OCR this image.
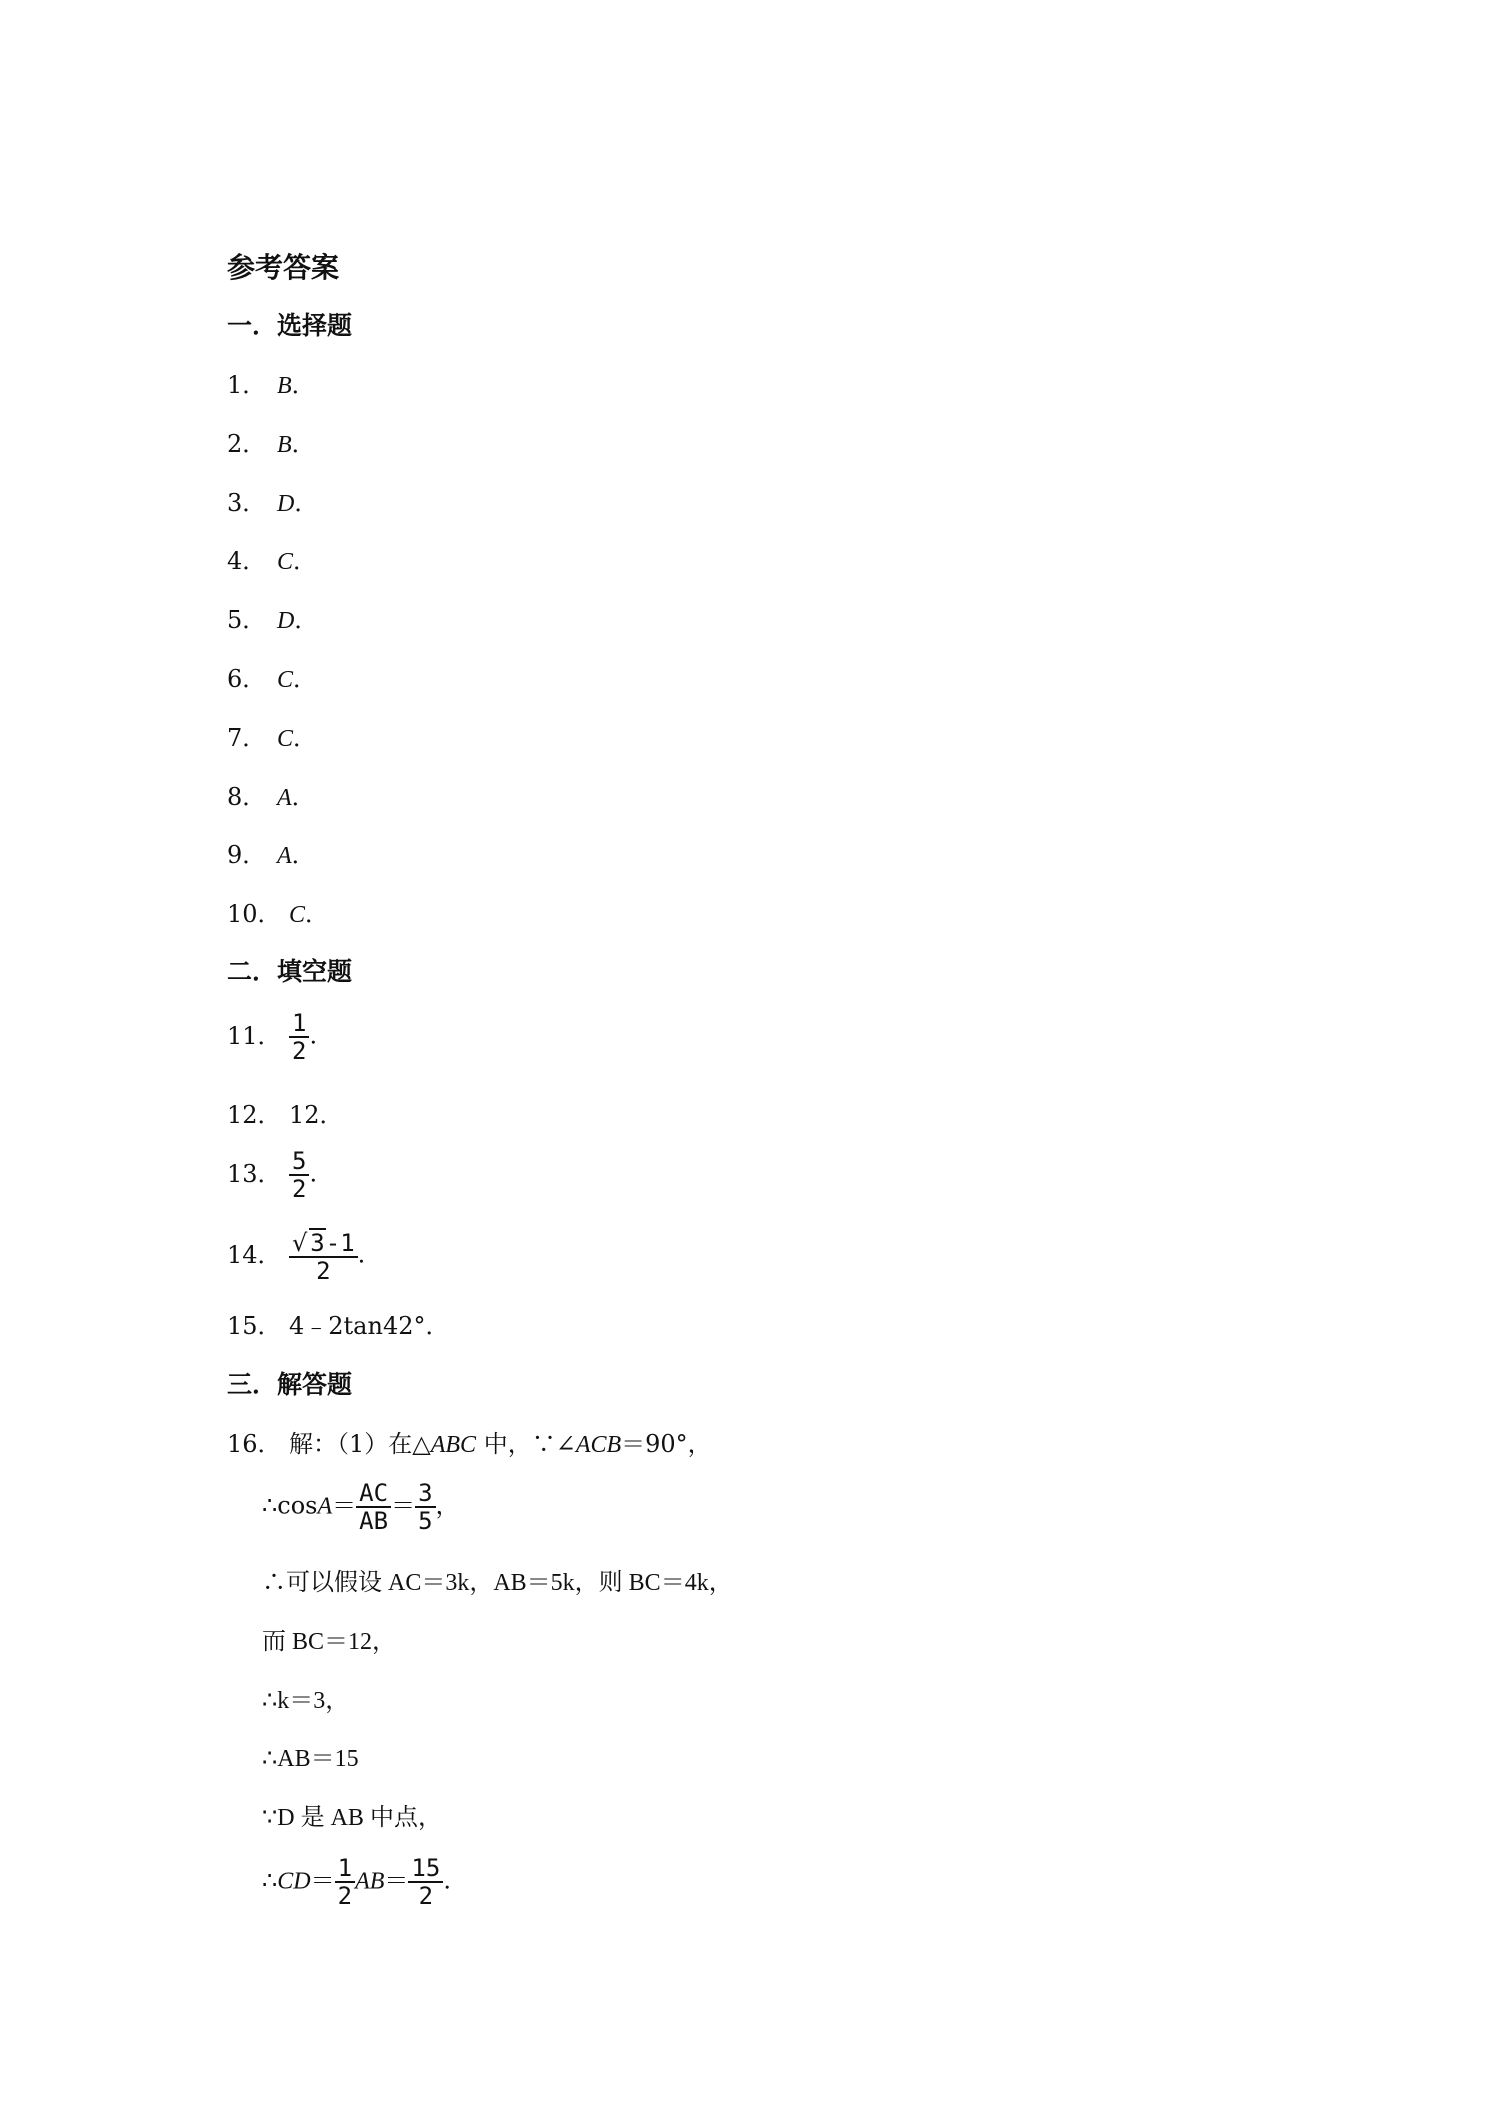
参考答案
一．选择题
1． B．
2． B．
3． D．
4． C．
5． D．
6． C．
7． C．
8． A．
9． A．
10． C．
二．填空题
11． $\frac{1}{2}$ .
12． 12．
13． $\frac{5}{2}$ .
14． $\frac{√ 3-1}{2}$ .
15． 4﹣2tan42°．
三．解答题
16． 解：（1）在△ABC 中，∵∠ACB＝90°，
∴cosA＝ $\frac{AC}{AB} = \frac{3}{5}$ ，
∴可以假设 AC＝3k，AB＝5k，则 BC＝4k，
而 BC＝12，
∴k＝3，
∴AB＝15
∵D 是 AB 中点，
∴CD＝ $\frac{1}{2} AB= \frac{15}{2}$ .
